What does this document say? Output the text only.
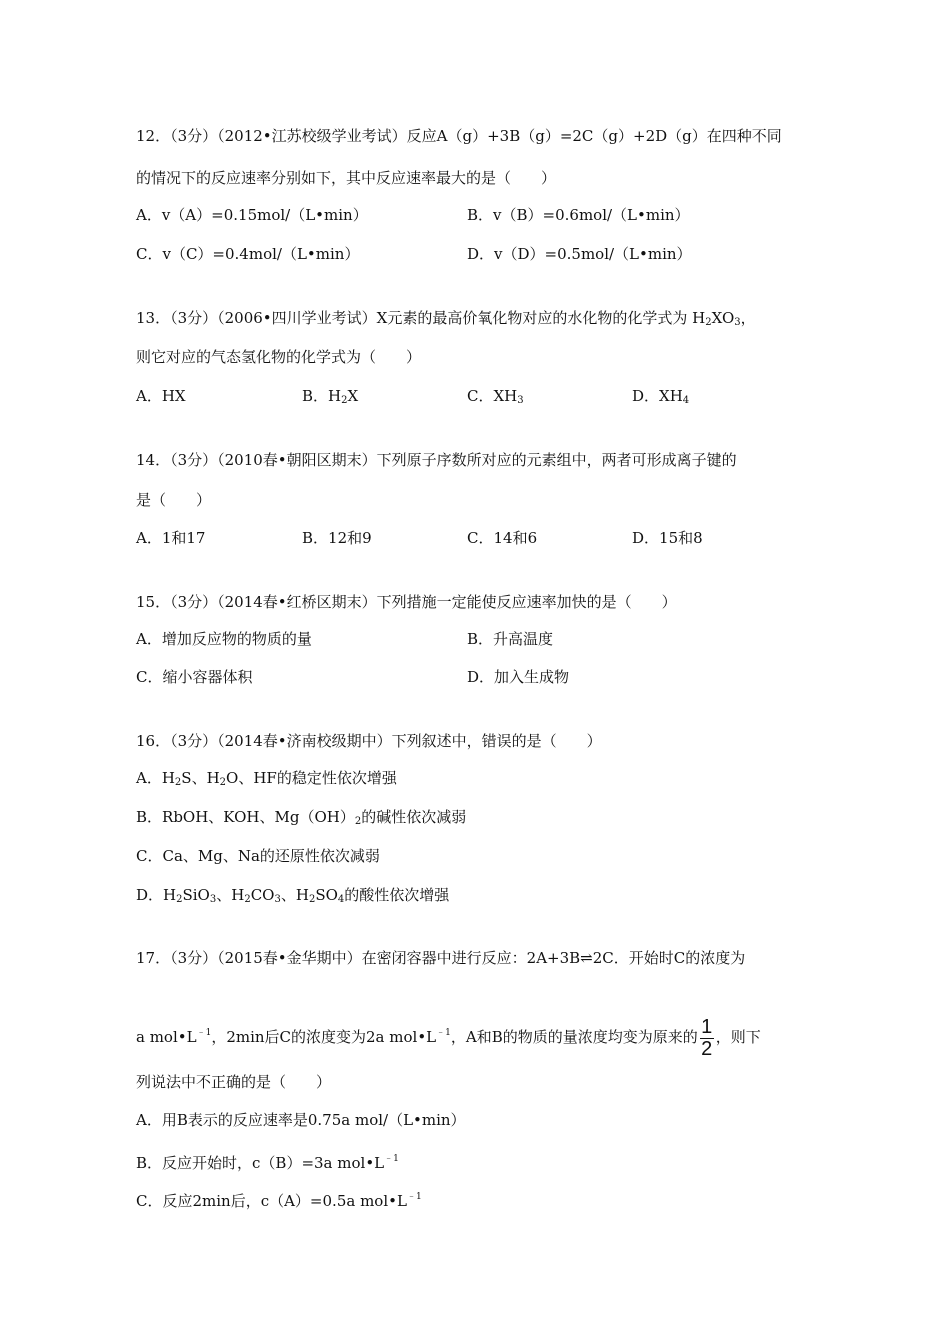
12．（3分）（2012•江苏校级学业考试）反应A（g）+3B（g）=2C（g）+2D（g）在四种不同
的情况下的反应速率分别如下，其中反应速率最大的是（　　）
A．v（A）=0.15mol/（L•min）	B．v（B）=0.6mol/（L•min）
C．v（C）=0.4mol/（L•min）	D．v（D）=0.5mol/（L•min）
13．（3分）（2006•四川学业考试）X元素的最高价氧化物对应的水化物的化学式为 $H_2XO_3$，
则它对应的气态氢化物的化学式为（　　）
A．HX	B．$H_2X$	C．$XH_3$	D．$XH_4$
14．（3分）（2010春•朝阳区期末）下列原子序数所对应的元素组中，两者可形成离子键的
是（　　）
A．1和17	B．12和9	C．14和6	D．15和8
15．（3分）（2014春•红桥区期末）下列措施一定能使反应速率加快的是（　　）
A．增加反应物的物质的量	B．升高温度
C．缩小容器体积	D．加入生成物
16．（3分）（2014春•济南校级期中）下列叙述中，错误的是（　　）
A．$H_2S$、$H_2O$、HF的稳定性依次增强
B．RbOH、KOH、$Mg(OH)_2$的碱性依次减弱
C．Ca、Mg、Na的还原性依次减弱
D．$H_2SiO_3$、$H_2CO_3$、$H_2SO_4$的酸性依次增强
17．（3分）（2015春•金华期中）在密闭容器中进行反应：2A+3B⇌2C．开始时C的浓度为
a $mol•L^{﹣1}$，2min后C的浓度变为2a $mol•L^{﹣1}$，A和B的物质的量浓度均变为原来的 $\frac{1}{2}$ ，则下
列说法中不正确的是（　　）
A．用B表示的反应速率是0.75a mol/（L•min）
B．反应开始时，c（B）=3a $mol•L^{﹣1}$
C．反应2min后，c（A）=0.5a $mol•L^{﹣1}$
